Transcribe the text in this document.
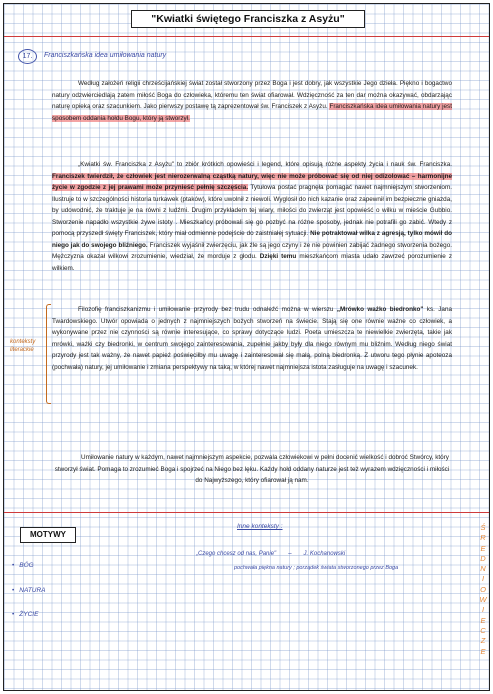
"Kwiatki świętego Franciszka z Asyżu"
17.	Franciszkańska idea umiłowania natury

Według założeń religii chrześcijańskiej świat został stworzony przez Boga i jest dobry, jak wszystkie Jego dzieła. Piękno i bogactwo natury odzwierciedlają zatem miłość Boga do człowieka, któremu ten świat ofiarował. Wdzięczność za ten dar można okazywać, obdarzając naturę opieką oraz szacunkiem. Jako pierwszy postawę tą zaprezentował św. Franciszek z Asyżu. Franciszkańska idea umiłowania natury jest sposobem oddania hołdu Bogu, który ją stworzył.

„Kwiatki św. Franciszka z Asyżu" to zbiór krótkich opowieści i legend, które opisują różne aspekty życia i nauk św. Franciszka. Franciszek twierdził, że człowiek jest nierozerwalną cząstką natury, więc nie może próbować się od niej odizolować – harmonijne życie w zgodzie z jej prawami może przynieść pełnię szczęścia. Tytułowa postać pragnęła pomagać nawet najmniejszym stworzeniom. Ilustruje to w szczególności historia turkawek (ptaków), które uwolnił z niewoli. Wyglosił do nich kazanie oraz zapewnił im bezpieczne gniazda, by udowodnić, że traktuje je na równi z ludźmi. Drugim przykładem tej wiary, miłości do zwierząt jest opowieść o wilku w mieście Gubbio. Stworzenie napadło wszystkie żywe istoty . Mieszkańcy próbowali się go pozbyć na różne sposoby, jednak nie potrafili go zabić. Wtedy z pomocą przyszedł święty Franciszek, który miał odmienne podejście do zaistniałej sytuacji. Nie potraktował wilka z agresją, tylko mówił do niego jak do swojego bliźniego. Franciszek wyjaśnił zwierzęciu, jak źle są jego czyny i że nie powinien zabijać żadnego stworzenia bożego. Mężczyzna okazał wilkowi zrozumienie, wiedział, że morduje z głodu. Dzięki temu mieszkańcom miasta udało zawrzeć porozumienie z wilkiem.

Filozofię franciszkanizmu i umiłowanie przyrody bez trudu odnaleźć można w wierszu „Mrówko ważko biedronko" ks. Jana Twardowskiego. Utwór opowiada o jednych z najmniejszych bożych stworzeń na świecie. Stają się one równie ważne co człowiek, a wykonywane przez nie czynności są równie interesujące, co sprawy dotyczące ludzi. Poeta umieszcza te niewielkie zwierzęta, takie jak mrówki, ważki czy biedronki, w centrum swojego zainteresowania, zupełnie jakby były dla niego równym mu bliźnim. Według niego świat przyrody jest tak ważny, że nawet papież poświęciłby mu uwagę i zainteresował się małą, polną biedronką. Z utworu tego płynie apoteoza (pochwała) natury, jej umiłowanie i zmiana perspektywy na taką, w której nawet najmniejsza istota zasługuje na uwagę i szacunek.

Umiłowanie natury w każdym, nawet najmniejszym aspekcie, pozwala człowiekowi w pełni docenić wielkość i dobroć Stwórcy, który stworzył świat. Pomaga to zrozumieć Boga i spojrzeć na Niego bez lęku. Każdy hołd oddany naturze jest też wyrazem wdzięczności i miłości do Najwyższego, który ofiarował ją nam.

konteksty literackie
MOTYWY
• BÓG
• NATURA
• ŻYCIE
Inne konteksty :
„Czego chcesz od nas, Panie" – J. Kochanowski
pochwała piękna natury ; porządek świata stworzonego przez Boga
Ś
R
E
D
N
I
O
W
I
E
C
Z
E
